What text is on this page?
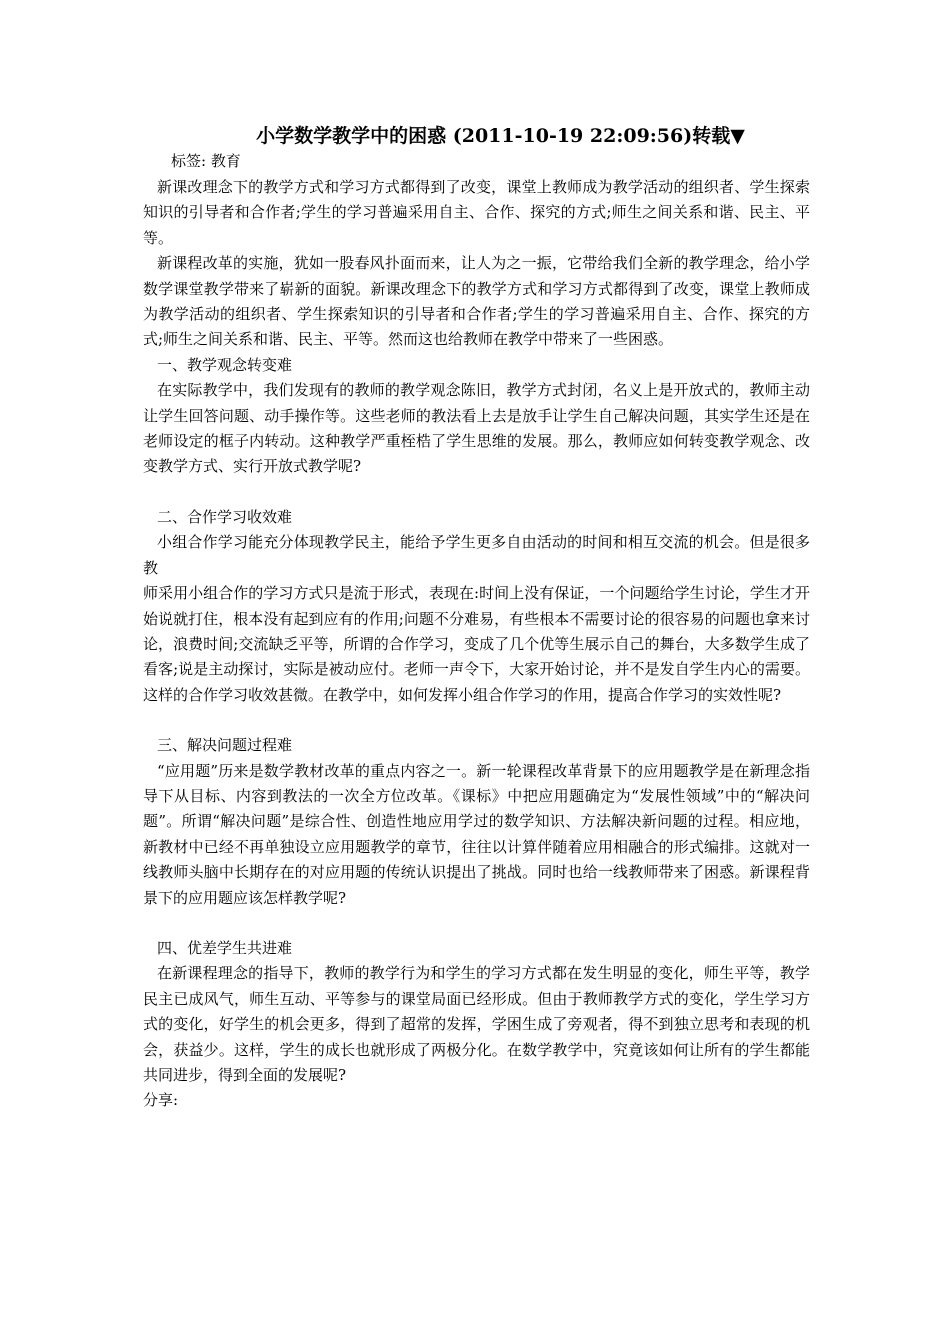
小学数学教学中的困惑 (2011-10-19 22:09:56)转载▼
标签: 教育

新课改理念下的教学方式和学习方式都得到了改变，课堂上教师成为教学活动的组织者、学生探索知识的引导者和合作者;学生的学习普遍采用自主、合作、探究的方式;师生之间关系和谐、民主、平等。

新课程改革的实施，犹如一股春风扑面而来，让人为之一振，它带给我们全新的教学理念，给小学数学课堂教学带来了崭新的面貌。新课改理念下的教学方式和学习方式都得到了改变，课堂上教师成为教学活动的组织者、学生探索知识的引导者和合作者;学生的学习普遍采用自主、合作、探究的方式;师生之间关系和谐、民主、平等。然而这也给教师在教学中带来了一些困惑。

一、教学观念转变难

在实际教学中，我们发现有的教师的教学观念陈旧，教学方式封闭，名义上是开放式的，教师主动让学生回答问题、动手操作等。这些老师的教法看上去是放手让学生自己解决问题，其实学生还是在老师设定的框子内转动。这种教学严重桎梏了学生思维的发展。那么，教师应如何转变教学观念、改变教学方式、实行开放式教学呢?

二、合作学习收效难

小组合作学习能充分体现教学民主，能给予学生更多自由活动的时间和相互交流的机会。但是很多教

师采用小组合作的学习方式只是流于形式，表现在:时间上没有保证，一个问题给学生讨论，学生才开始说就打住，根本没有起到应有的作用;问题不分难易，有些根本不需要讨论的很容易的问题也拿来讨论，浪费时间;交流缺乏平等，所谓的合作学习，变成了几个优等生展示自己的舞台，大多数学生成了看客;说是主动探讨，实际是被动应付。老师一声令下，大家开始讨论，并不是发自学生内心的需要。这样的合作学习收效甚微。在教学中，如何发挥小组合作学习的作用，提高合作学习的实效性呢?

三、解决问题过程难

“应用题”历来是数学教材改革的重点内容之一。新一轮课程改革背景下的应用题教学是在新理念指导下从目标、内容到教法的一次全方位改革。《课标》中把应用题确定为“发展性领域”中的“解决问题”。所谓“解决问题”是综合性、创造性地应用学过的数学知识、方法解决新问题的过程。相应地，新教材中已经不再单独设立应用题教学的章节，往往以计算伴随着应用相融合的形式编排。这就对一线教师头脑中长期存在的对应用题的传统认识提出了挑战。同时也给一线教师带来了困惑。新课程背景下的应用题应该怎样教学呢?

四、优差学生共进难

在新课程理念的指导下，教师的教学行为和学生的学习方式都在发生明显的变化，师生平等，教学民主已成风气，师生互动、平等参与的课堂局面已经形成。但由于教师教学方式的变化，学生学习方式的变化，好学生的机会更多，得到了超常的发挥，学困生成了旁观者，得不到独立思考和表现的机会，获益少。这样，学生的成长也就形成了两极分化。在数学教学中，究竟该如何让所有的学生都能共同进步，得到全面的发展呢?

分享:
